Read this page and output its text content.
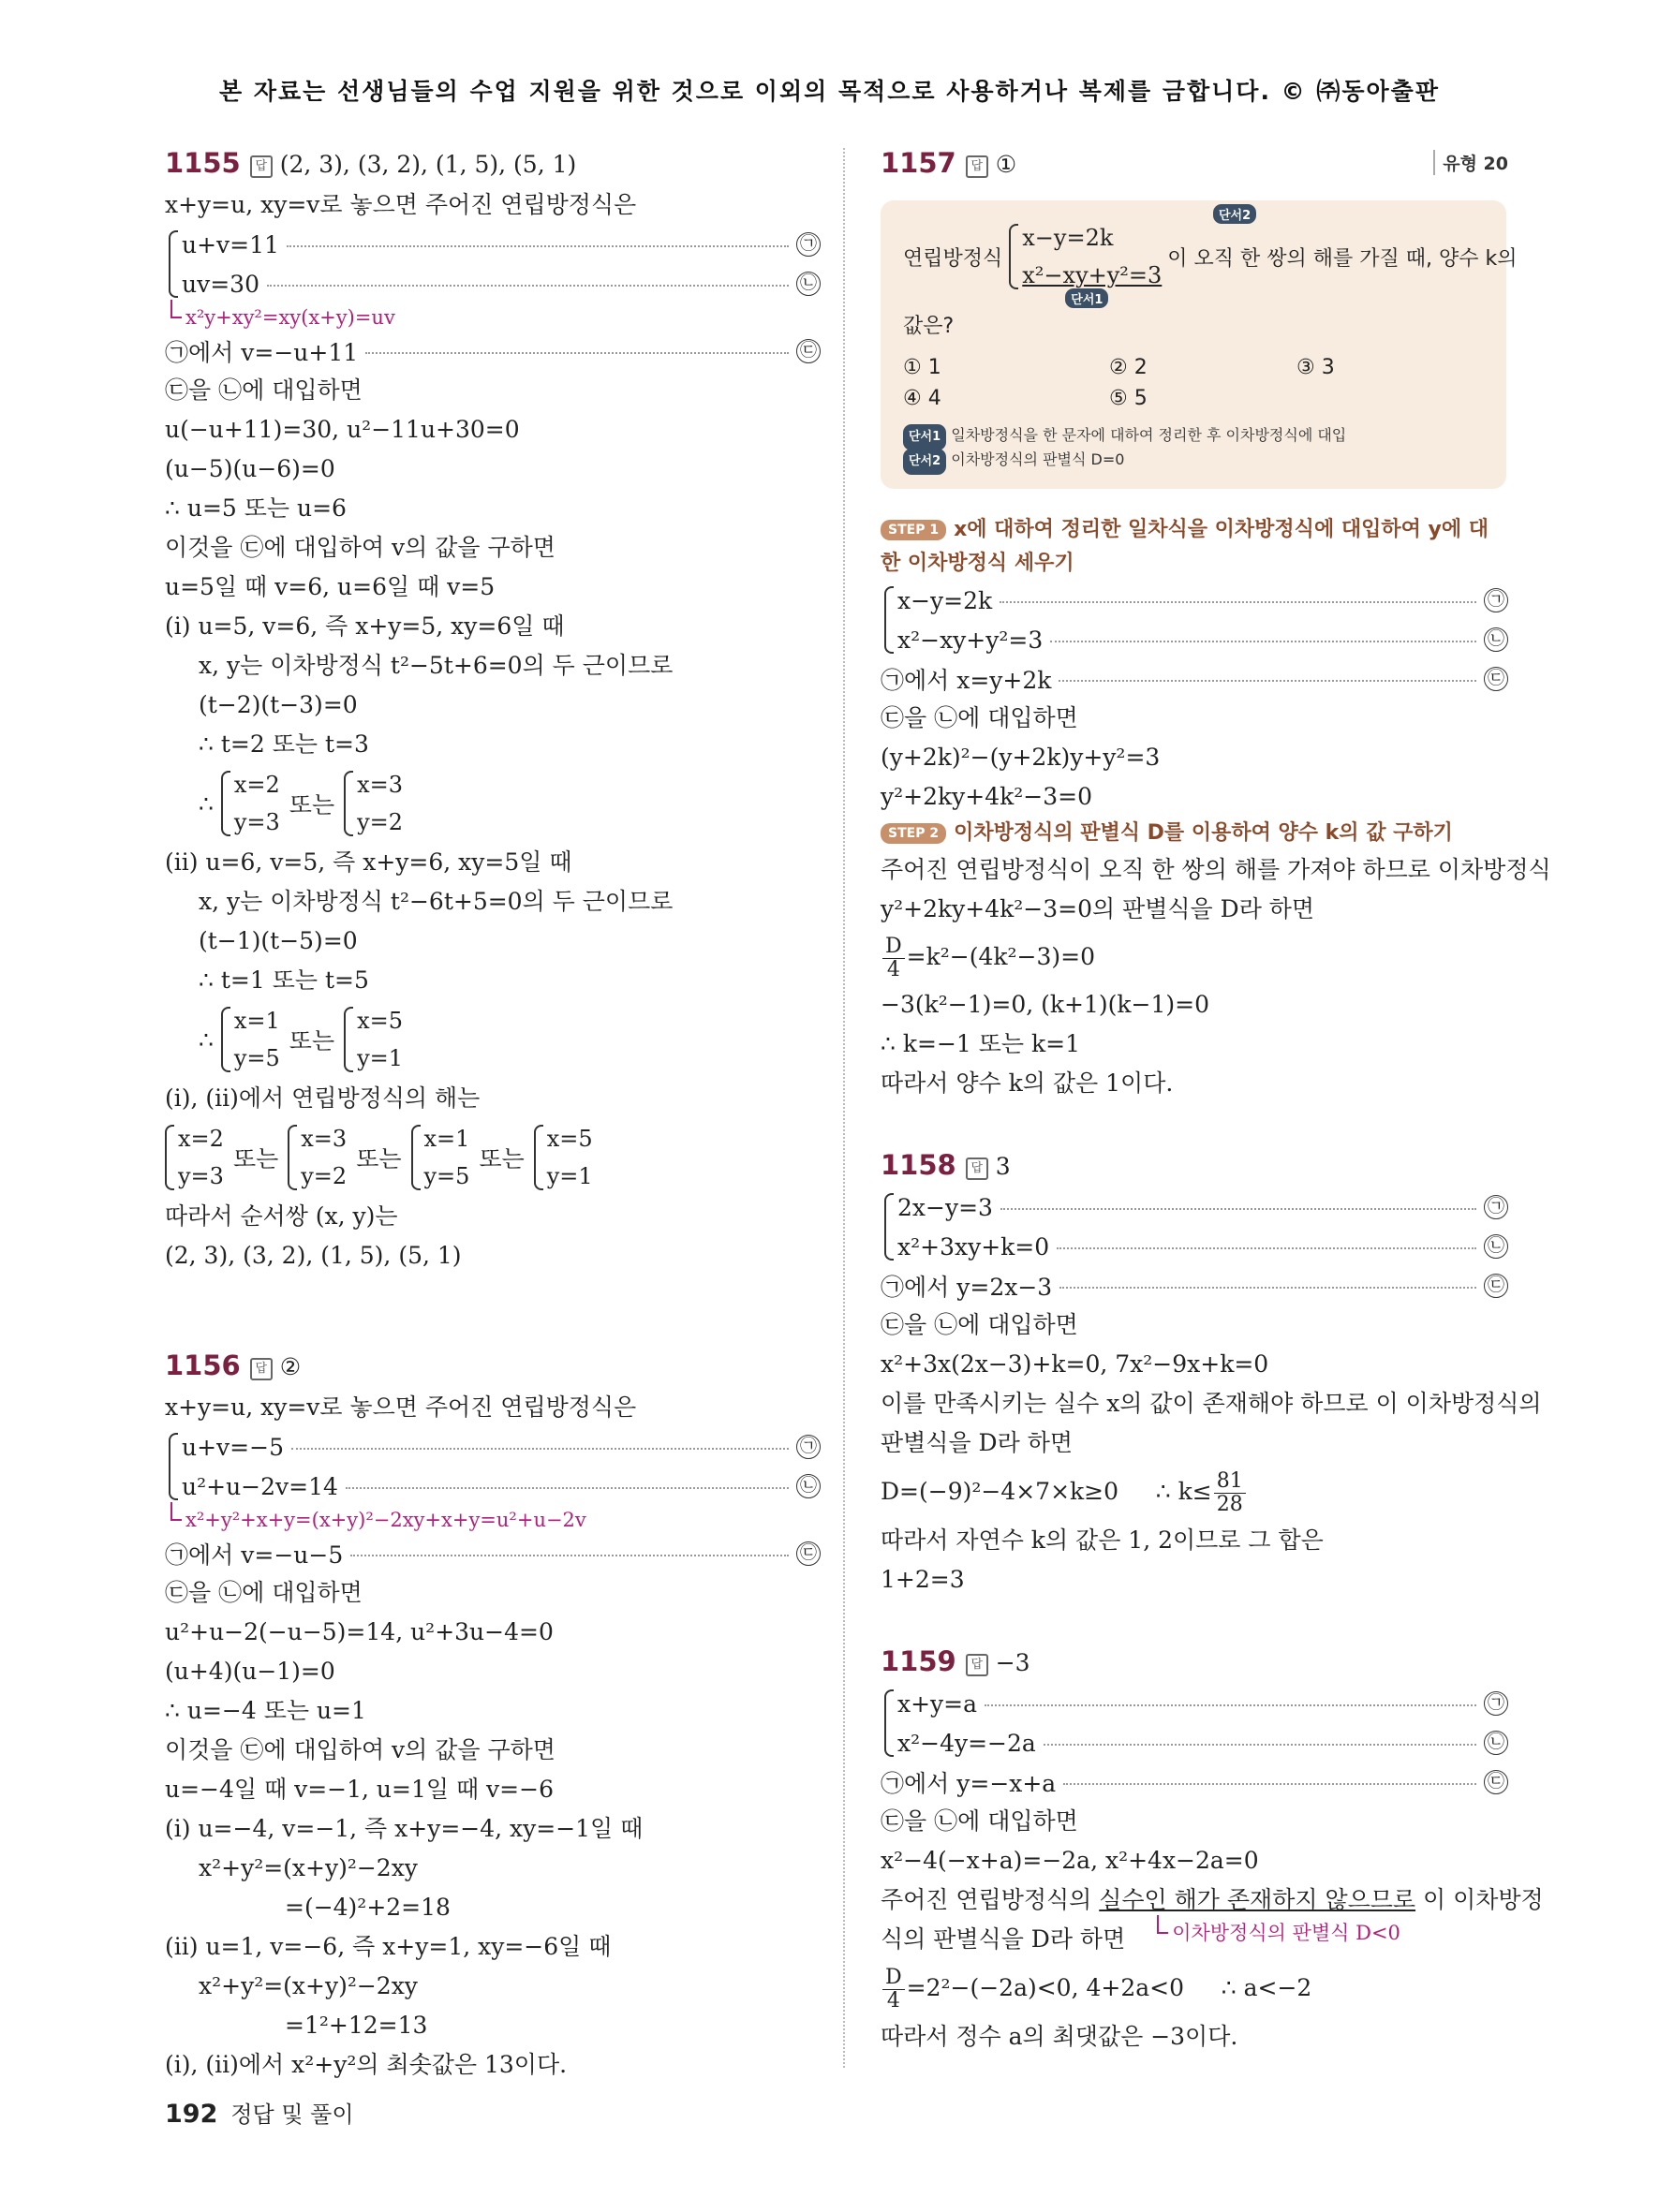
본 자료는 선생님들의 수업 지원을 위한 것으로 이외의 목적으로 사용하거나 복제를 금합니다. © ㈜동아출판
1155 답 (2, 3), (3, 2), (1, 5), (5, 1)
x+y=u, xy=v로 놓으면 주어진 연립방정식은
u+v=11	㉠
uv=30	㉡
x²y+xy²=xy(x+y)=uv
㉠에서 v=−u+11	㉢
㉢을 ㉡에 대입하면
u(−u+11)=30, u²−11u+30=0
(u−5)(u−6)=0
∴ u=5 또는 u=6
이것을 ㉢에 대입하여 v의 값을 구하면
u=5일 때 v=6, u=6일 때 v=5
(ⅰ) u=5, v=6, 즉 x+y=5, xy=6일 때
x, y는 이차방정식 t²−5t+6=0의 두 근이므로
(t−2)(t−3)=0
∴ t=2 또는 t=3
∴

x=2
y=3
또는
x=3
y=2
(ⅱ) u=6, v=5, 즉 x+y=6, xy=5일 때
x, y는 이차방정식 t²−6t+5=0의 두 근이므로
(t−1)(t−5)=0
∴ t=1 또는 t=5
∴

x=1
y=5
또는
x=5
y=1
(ⅰ), (ⅱ)에서 연립방정식의 해는
x=2
y=3
또는
x=3
y=2
또는
x=1
y=5
또는
x=5
y=1
따라서 순서쌍 (x, y)는
(2, 3), (3, 2), (1, 5), (5, 1)
1156 답 ②
x+y=u, xy=v로 놓으면 주어진 연립방정식은
u+v=−5	㉠
u²+u−2v=14	㉡
x²+y²+x+y=(x+y)²−2xy+x+y=u²+u−2v
㉠에서 v=−u−5	㉢
㉢을 ㉡에 대입하면
u²+u−2(−u−5)=14, u²+3u−4=0
(u+4)(u−1)=0
∴ u=−4 또는 u=1
이것을 ㉢에 대입하여 v의 값을 구하면
u=−4일 때 v=−1, u=1일 때 v=−6
(ⅰ) u=−4, v=−1, 즉 x+y=−4, xy=−1일 때
x²+y²=(x+y)²−2xy
=(−4)²+2=18
(ⅱ) u=1, v=−6, 즉 x+y=1, xy=−6일 때
x²+y²=(x+y)²−2xy
=1²+12=13
(ⅰ), (ⅱ)에서 x²+y²의 최솟값은 13이다.
1157 답 ①	유형 20
연립방정식

x−y=2k
x²−xy+y²=3
단서1
이 오직 한 쌍의 해를 가질 때, 양수 k의
단서2
값은?
① 1	② 2	③ 3
④ 4	⑤ 5
단서1 일차방정식을 한 문자에 대하여 정리한 후 이차방정식에 대입
단서2 이차방정식의 판별식 D=0
STEP 1 x에 대하여 정리한 일차식을 이차방정식에 대입하여 y에 대한 이차방정식 세우기
x−y=2k	㉠
x²−xy+y²=3	㉡
㉠에서 x=y+2k	㉢
㉢을 ㉡에 대입하면
(y+2k)²−(y+2k)y+y²=3
y²+2ky+4k²−3=0
STEP 2 이차방정식의 판별식 D를 이용하여 양수 k의 값 구하기
주어진 연립방정식이 오직 한 쌍의 해를 가져야 하므로 이차방정식
y²+2ky+4k²−3=0의 판별식을 D라 하면
$\frac{D}{4} =k^2-(4k^2-3)=0$
−3(k²−1)=0, (k+1)(k−1)=0
∴ k=−1 또는 k=1
따라서 양수 k의 값은 1이다.
1158 답 3
2x−y=3	㉠
x²+3xy+k=0	㉡
㉠에서 y=2x−3	㉢
㉢을 ㉡에 대입하면
x²+3x(2x−3)+k=0, 7x²−9x+k=0
이를 만족시키는 실수 x의 값이 존재해야 하므로 이 이차방정식의
판별식을 D라 하면
D=(−9)²−4×7×k≥0 ∴ $k\le \frac{81}{28}$
따라서 자연수 k의 값은 1, 2이므로 그 합은
1+2=3
1159 답 −3
x+y=a	㉠
x²−4y=−2a	㉡
㉠에서 y=−x+a	㉢
㉢을 ㉡에 대입하면
x²−4(−x+a)=−2a, x²+4x−2a=0
주어진 연립방정식의 실수인 해가 존재하지 않으므로 이 이차방정
식의 판별식을 D라 하면 이차방정식의 판별식 D<0
$\frac{D}{4} =2^2-(-2a)<0$, 4+2a<0 ∴ a<−2
따라서 정수 a의 최댓값은 −3이다.
192 정답 및 풀이
